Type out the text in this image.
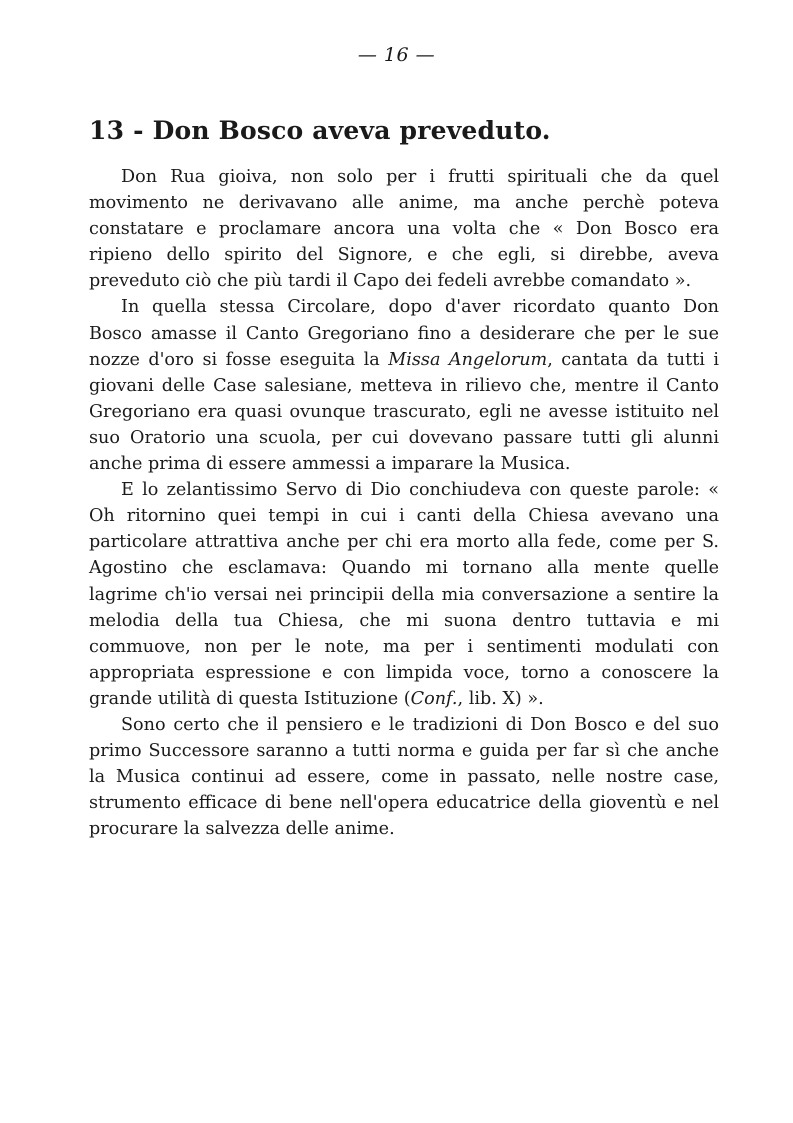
— 16 —
13 - Don Bosco aveva preveduto.

Don Rua gioiva, non solo per i frutti spirituali che da quel movimento ne derivavano alle anime, ma anche perchè poteva constatare e proclamare ancora una volta che « Don Bosco era ripieno dello spirito del Signore, e che egli, si direbbe, aveva preveduto ciò che più tardi il Capo dei fedeli avrebbe comandato ».

In quella stessa Circolare, dopo d'aver ricordato quanto Don Bosco amasse il Canto Gregoriano fino a desiderare che per le sue nozze d'oro si fosse eseguita la Missa Angelorum, cantata da tutti i giovani delle Case salesiane, metteva in rilievo che, mentre il Canto Gregoriano era quasi ovunque trascurato, egli ne avesse istituito nel suo Oratorio una scuola, per cui dovevano passare tutti gli alunni anche prima di essere ammessi a imparare la Musica.

E lo zelantissimo Servo di Dio conchiudeva con queste parole: « Oh ritornino quei tempi in cui i canti della Chiesa avevano una particolare attrattiva anche per chi era morto alla fede, come per S. Agostino che esclamava: Quando mi tornano alla mente quelle lagrime ch'io versai nei principii della mia conversazione a sentire la melodia della tua Chiesa, che mi suona dentro tuttavia e mi commuove, non per le note, ma per i sentimenti modulati con appropriata espressione e con limpida voce, torno a conoscere la grande utilità di questa Istituzione (Conf., lib. X) ».

Sono certo che il pensiero e le tradizioni di Don Bosco e del suo primo Successore saranno a tutti norma e guida per far sì che anche la Musica continui ad essere, come in passato, nelle nostre case, strumento efficace di bene nell'opera educatrice della gioventù e nel procurare la salvezza delle anime.
